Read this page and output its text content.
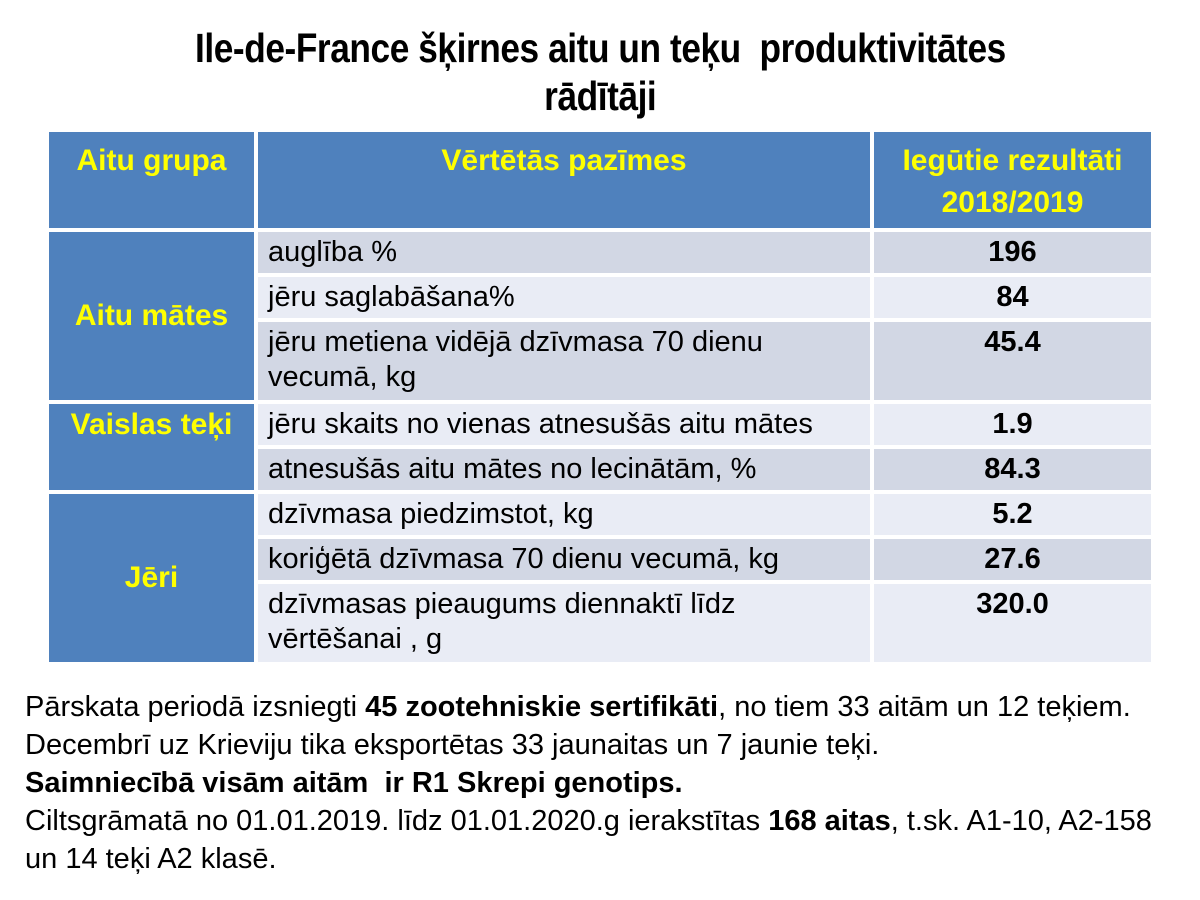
Ile-de-France šķirnes aitu un teķu  produktivitātes
rādītāji
Aitu grupa	Vērtētās pazīmes	Iegūtie rezultāti
2018/2019

Aitu mātes	auglība %	196
	jēru saglabāšana%	84
	jēru metiena vidējā dzīvmasa 70 dienu vecumā, kg	45.4
Vaislas teķi	jēru skaits no vienas atnesušās aitu mātes	1.9
	atnesušās aitu mātes no lecinātām, %	84.3
Jēri	dzīvmasa piedzimstot, kg	5.2
	koriģētā dzīvmasa 70 dienu vecumā, kg	27.6
	dzīvmasas pieaugums diennaktī līdz vērtēšanai , g	320.0

Pārskata periodā izsniegti 45 zootehniskie sertifikāti, no tiem 33 aitām un 12 teķiem.

Decembrī uz Krieviju tika eksportētas 33 jaunaitas un 7 jaunie teķi.

Saimniecībā visām aitām  ir R1 Skrepi genotips.

Ciltsgrāmatā no 01.01.2019. līdz 01.01.2020.g ierakstītas 168 aitas, t.sk. A1-10, A2-158  un 14 teķi A2 klasē.
